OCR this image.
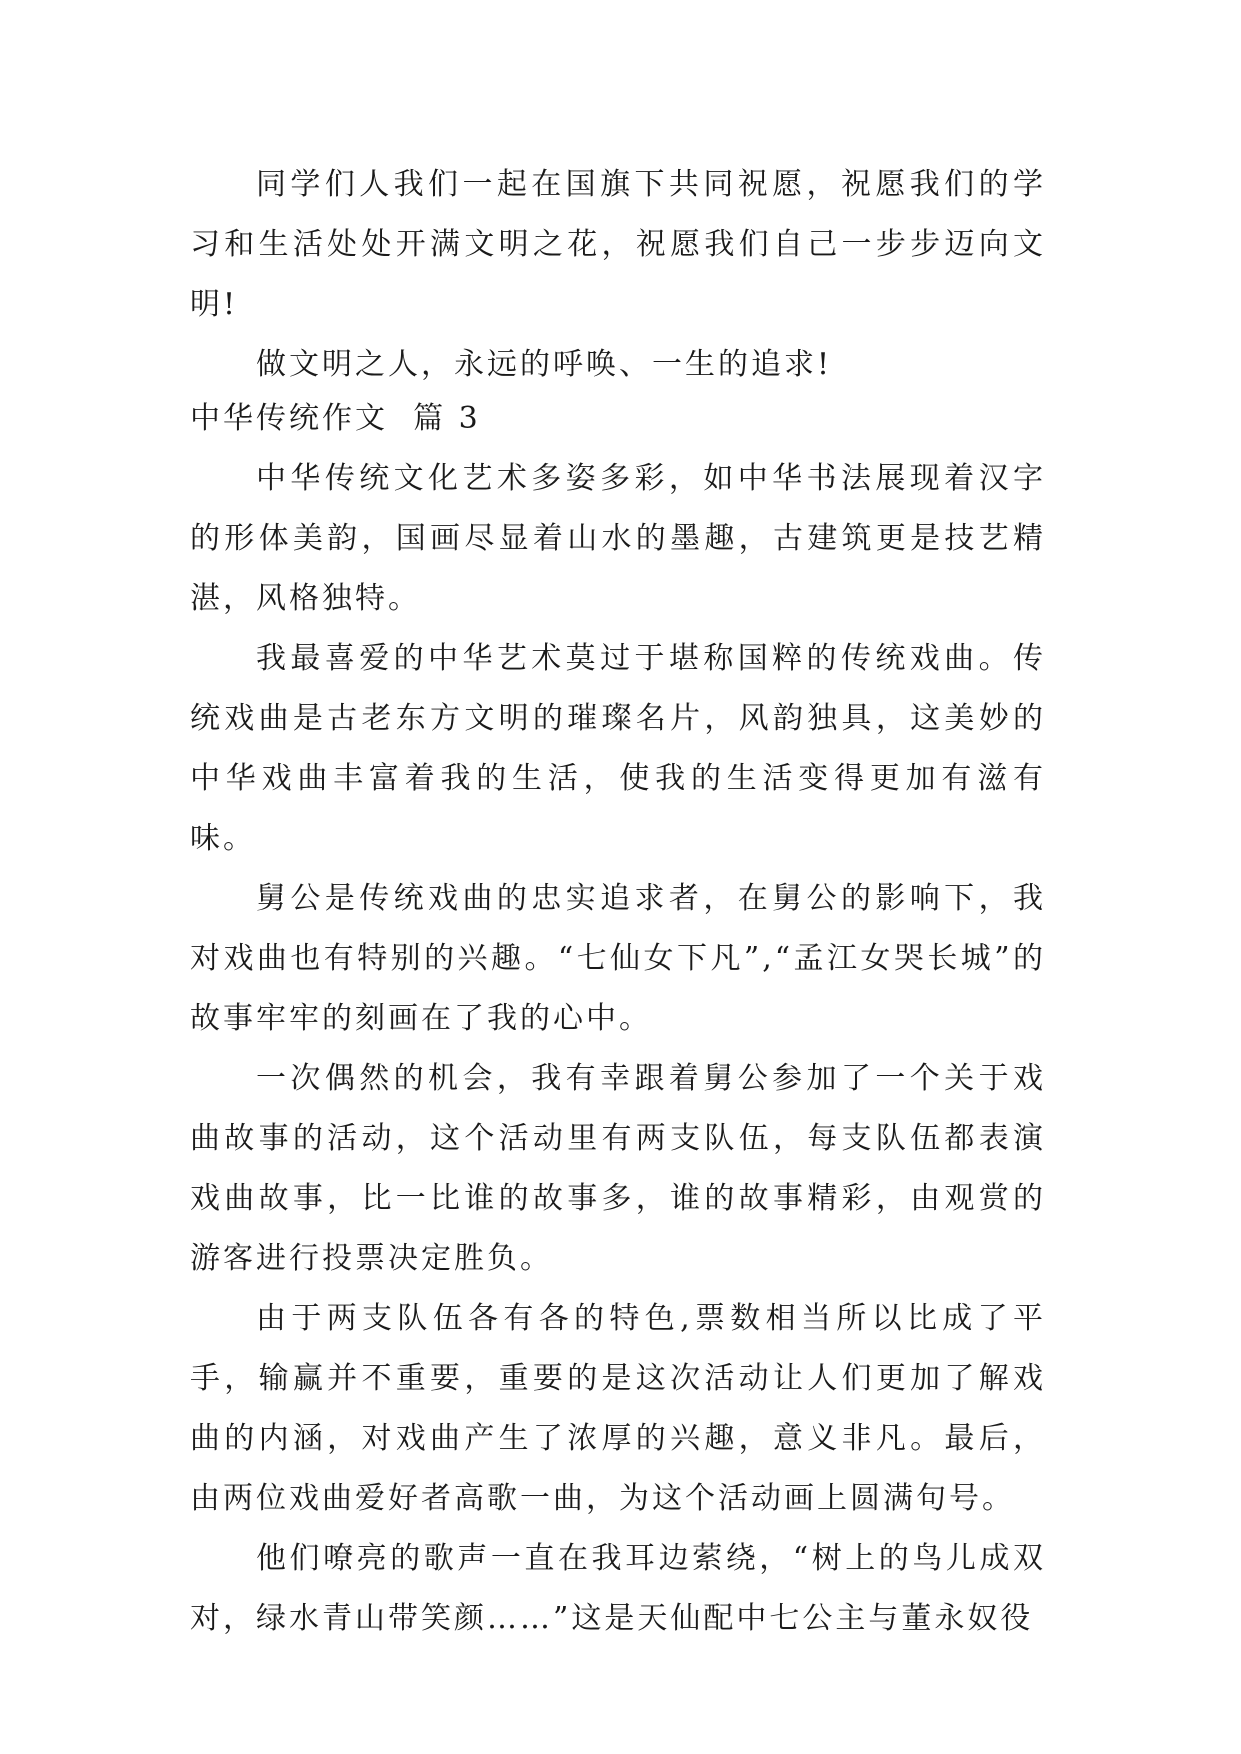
同学们人我们一起在国旗下共同祝愿，祝愿我们的学习和生活处处开满文明之花，祝愿我们自己一步步迈向文明!

做文明之人，永远的呼唤、一生的追求!

中华传统作文  篇 3

中华传统文化艺术多姿多彩，如中华书法展现着汉字的形体美韵，国画尽显着山水的墨趣，古建筑更是技艺精湛，风格独特。

我最喜爱的中华艺术莫过于堪称国粹的传统戏曲。传统戏曲是古老东方文明的璀璨名片，风韵独具，这美妙的中华戏曲丰富着我的生活，使我的生活变得更加有滋有味。

舅公是传统戏曲的忠实追求者，在舅公的影响下，我对戏曲也有特别的兴趣。“七仙女下凡”,“孟江女哭长城”的故事牢牢的刻画在了我的心中。

一次偶然的机会，我有幸跟着舅公参加了一个关于戏曲故事的活动，这个活动里有两支队伍，每支队伍都表演戏曲故事，比一比谁的故事多，谁的故事精彩，由观赏的游客进行投票决定胜负。

由于两支队伍各有各的特色,票数相当所以比成了平手，输赢并不重要，重要的是这次活动让人们更加了解戏曲的内涵，对戏曲产生了浓厚的兴趣，意义非凡。最后，由两位戏曲爱好者高歌一曲，为这个活动画上圆满句号。

他们嘹亮的歌声一直在我耳边萦绕，“树上的鸟儿成双对，绿水青山带笑颜……”这是天仙配中七公主与董永奴役
